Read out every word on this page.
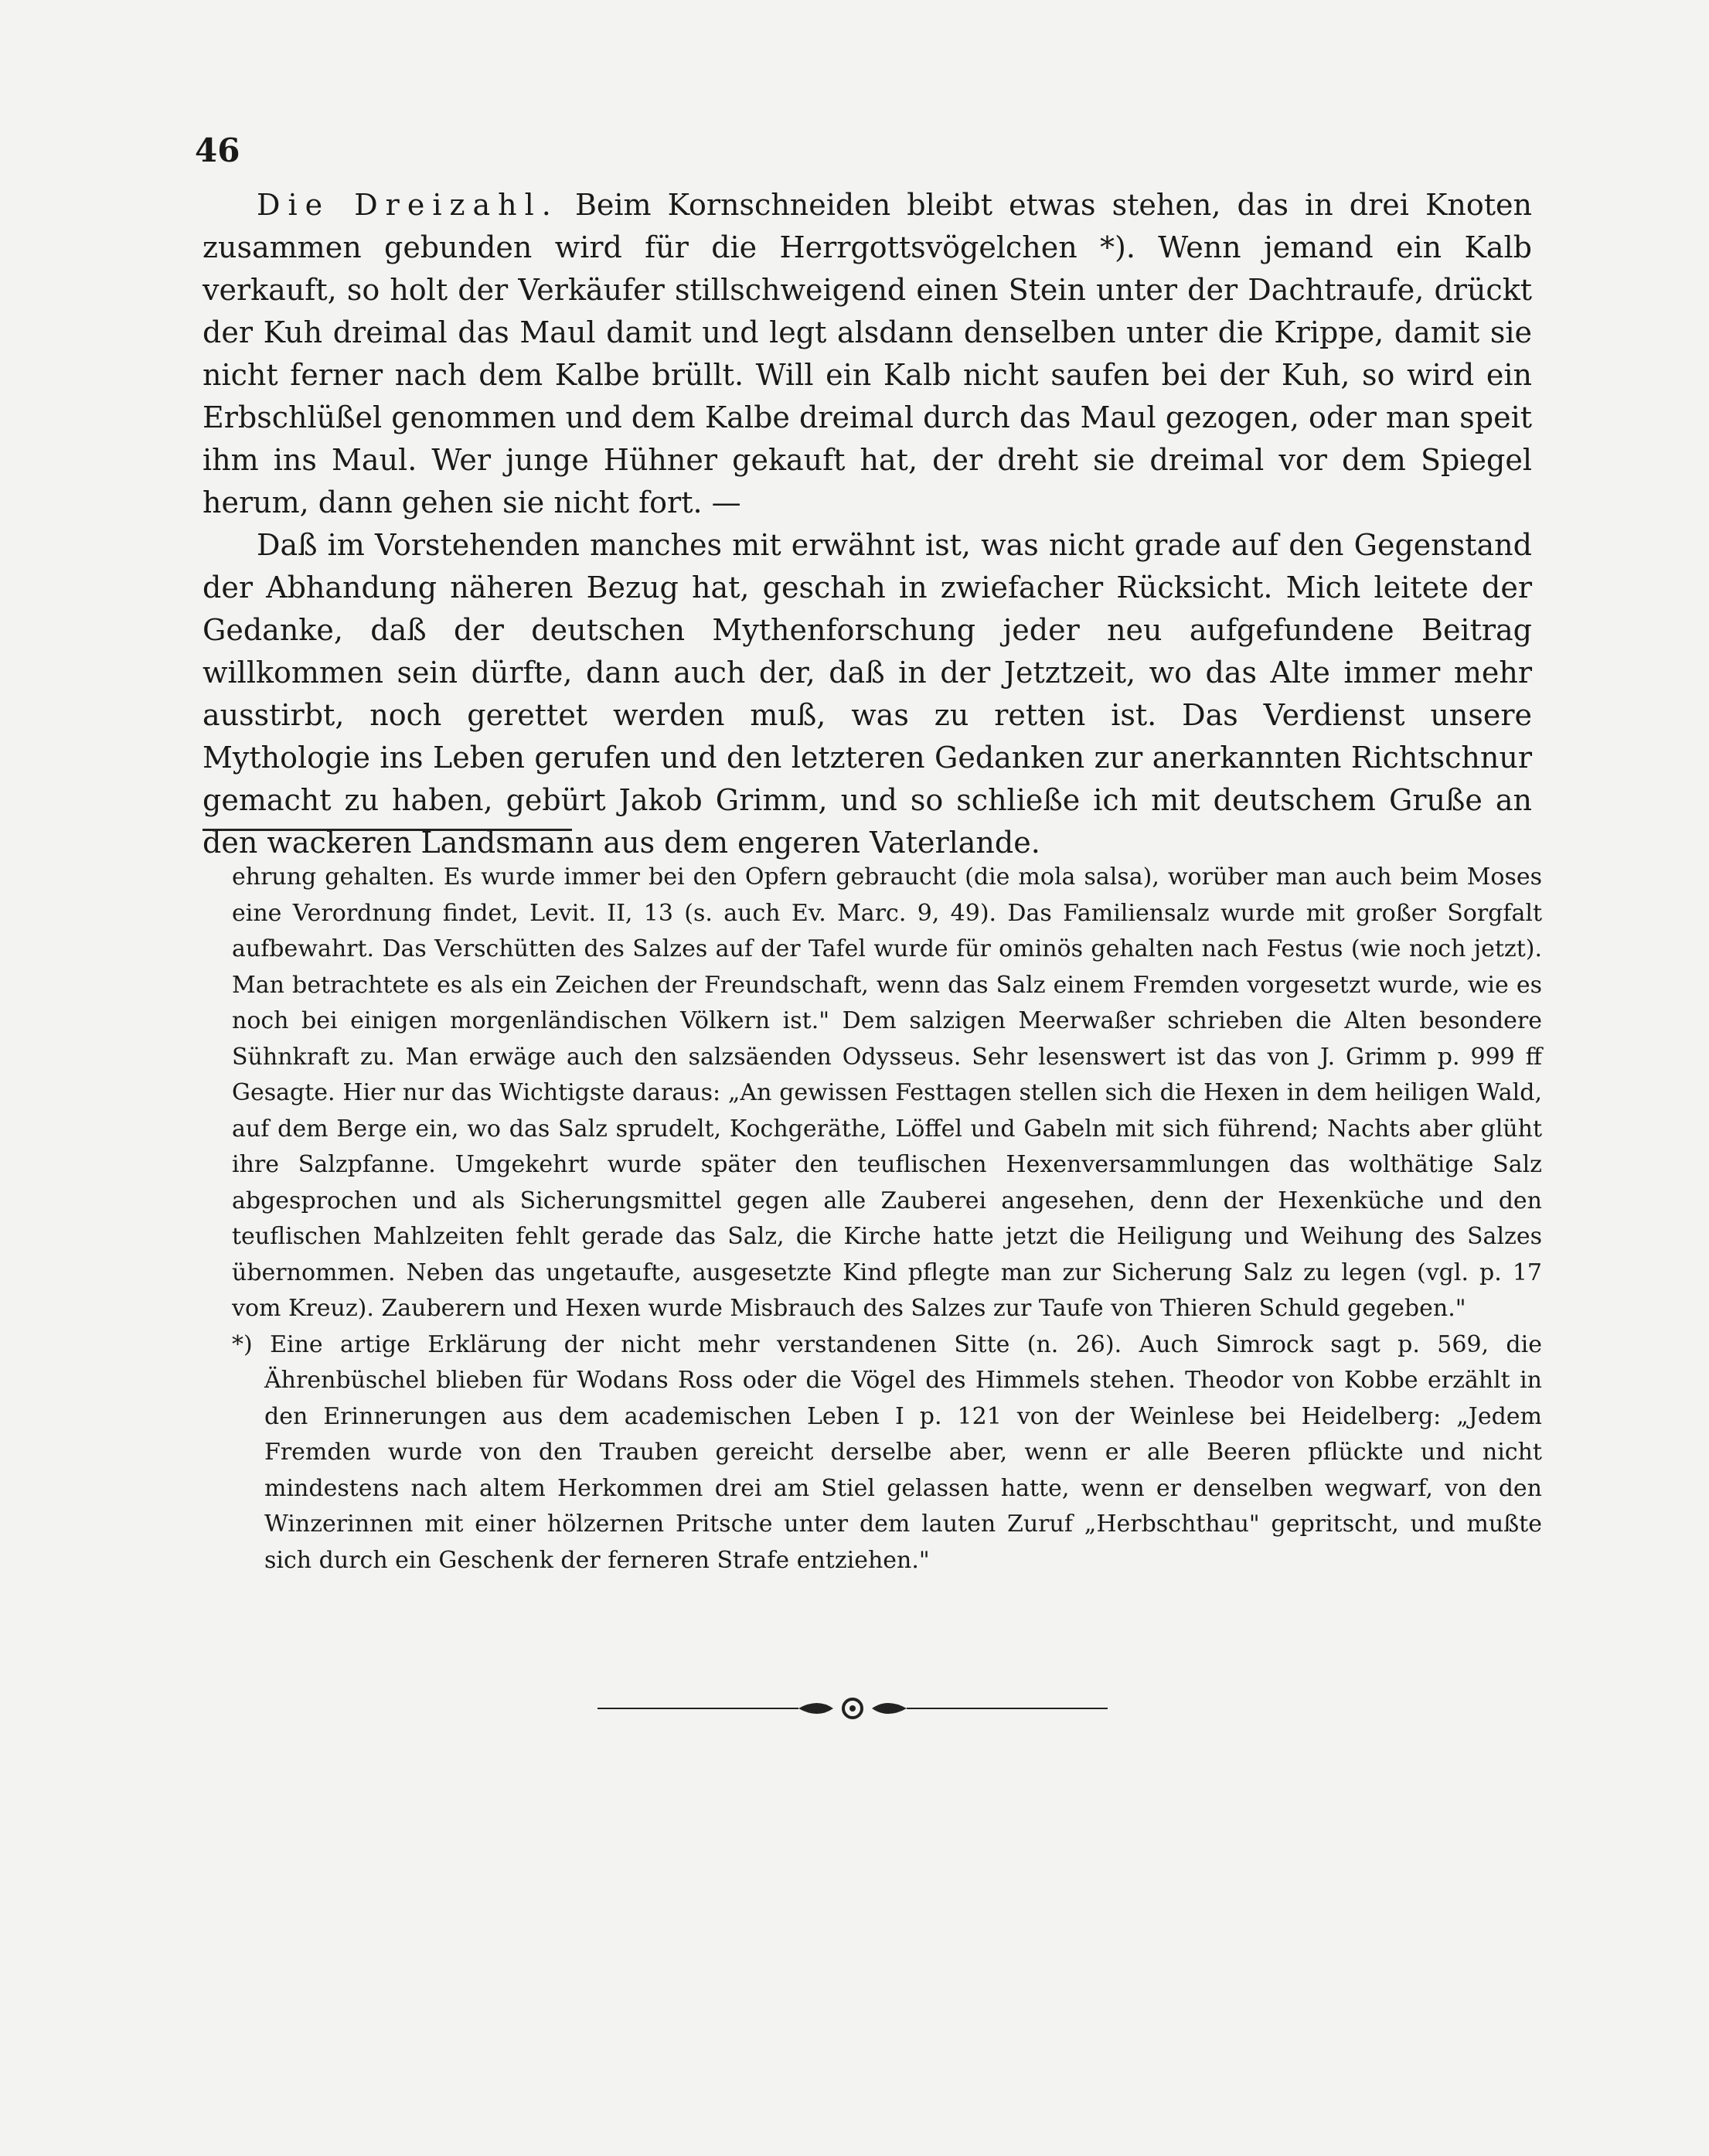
46

Die Dreizahl. Beim Kornschneiden bleibt etwas stehen, das in drei Knoten zusammen gebunden wird für die Herrgottsvögelchen *). Wenn jemand ein Kalb verkauft, so holt der Verkäufer stillschweigend einen Stein unter der Dachtraufe, drückt der Kuh dreimal das Maul damit und legt alsdann denselben unter die Krippe, damit sie nicht ferner nach dem Kalbe brüllt. Will ein Kalb nicht saufen bei der Kuh, so wird ein Erbschlüßel genommen und dem Kalbe dreimal durch das Maul gezogen, oder man speit ihm ins Maul. Wer junge Hühner gekauft hat, der dreht sie dreimal vor dem Spiegel herum, dann gehen sie nicht fort. —

Daß im Vorstehenden manches mit erwähnt ist, was nicht grade auf den Gegenstand der Abhandung näheren Bezug hat, geschah in zwiefacher Rücksicht. Mich leitete der Gedanke, daß der deutschen Mythenforschung jeder neu aufgefundene Beitrag willkommen sein dürfte, dann auch der, daß in der Jetztzeit, wo das Alte immer mehr ausstirbt, noch gerettet werden muß, was zu retten ist. Das Verdienst unsere Mythologie ins Leben gerufen und den letzteren Gedanken zur anerkannten Richtschnur gemacht zu haben, gebürt Jakob Grimm, und so schließe ich mit deutschem Gruße an den wackeren Landsmann aus dem engeren Vaterlande.

ehrung gehalten. Es wurde immer bei den Opfern gebraucht (die mola salsa), worüber man auch beim Moses eine Verordnung findet, Levit. II, 13 (s. auch Ev. Marc. 9, 49). Das Familiensalz wurde mit großer Sorgfalt aufbewahrt. Das Verschütten des Salzes auf der Tafel wurde für ominös gehalten nach Festus (wie noch jetzt). Man betrachtete es als ein Zeichen der Freundschaft, wenn das Salz einem Fremden vorgesetzt wurde, wie es noch bei einigen morgenländischen Völkern ist." Dem salzigen Meerwaßer schrieben die Alten besondere Sühnkraft zu. Man erwäge auch den salzsäenden Odysseus. Sehr lesenswert ist das von J. Grimm p. 999 ff Gesagte. Hier nur das Wichtigste daraus: „An gewissen Festtagen stellen sich die Hexen in dem heiligen Wald, auf dem Berge ein, wo das Salz sprudelt, Kochgeräthe, Löffel und Gabeln mit sich führend; Nachts aber glüht ihre Salzpfanne. Umgekehrt wurde später den teuflischen Hexenversammlungen das wolthätige Salz abgesprochen und als Sicherungsmittel gegen alle Zauberei angesehen, denn der Hexenküche und den teuflischen Mahlzeiten fehlt gerade das Salz, die Kirche hatte jetzt die Heiligung und Weihung des Salzes übernommen. Neben das ungetaufte, ausgesetzte Kind pflegte man zur Sicherung Salz zu legen (vgl. p. 17 vom Kreuz). Zauberern und Hexen wurde Misbrauch des Salzes zur Taufe von Thieren Schuld gegeben."

*) Eine artige Erklärung der nicht mehr verstandenen Sitte (n. 26). Auch Simrock sagt p. 569, die Ährenbüschel blieben für Wodans Ross oder die Vögel des Himmels stehen. Theodor von Kobbe erzählt in den Erinnerungen aus dem academischen Leben I p. 121 von der Weinlese bei Heidelberg: „Jedem Fremden wurde von den Trauben gereicht derselbe aber, wenn er alle Beeren pflückte und nicht mindestens nach altem Herkommen drei am Stiel gelassen hatte, wenn er denselben wegwarf, von den Winzerinnen mit einer hölzernen Pritsche unter dem lauten Zuruf „Herbschthau" gepritscht, und mußte sich durch ein Geschenk der ferneren Strafe entziehen."
